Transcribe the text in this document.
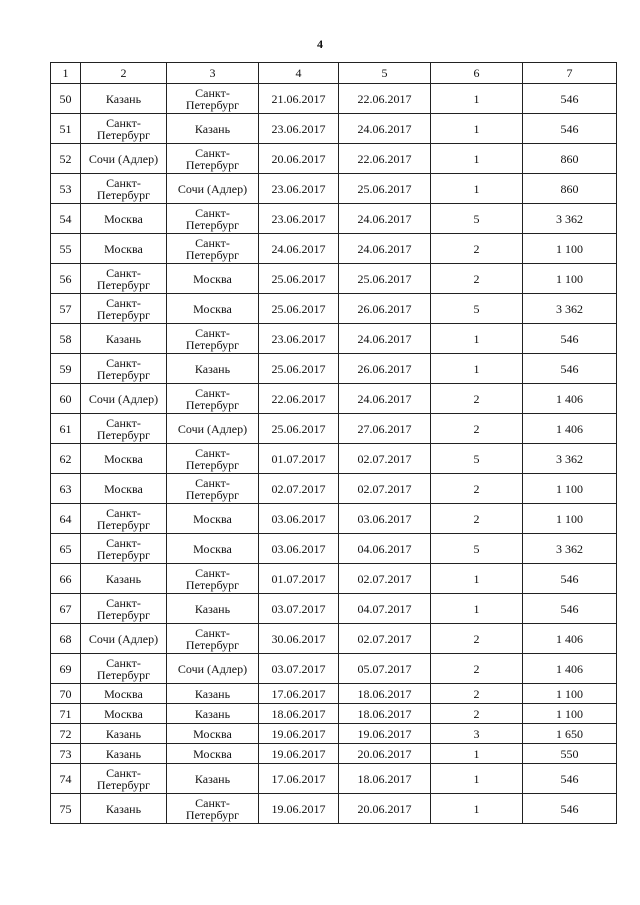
4
1	2	3	4	5	6	7
50	Казань	Санкт-Петербург	21.06.2017	22.06.2017	1	546
51	Санкт-Петербург	Казань	23.06.2017	24.06.2017	1	546
52	Сочи (Адлер)	Санкт-Петербург	20.06.2017	22.06.2017	1	860
53	Санкт-Петербург	Сочи (Адлер)	23.06.2017	25.06.2017	1	860
54	Москва	Санкт-Петербург	23.06.2017	24.06.2017	5	3 362
55	Москва	Санкт-Петербург	24.06.2017	24.06.2017	2	1 100
56	Санкт-Петербург	Москва	25.06.2017	25.06.2017	2	1 100
57	Санкт-Петербург	Москва	25.06.2017	26.06.2017	5	3 362
58	Казань	Санкт-Петербург	23.06.2017	24.06.2017	1	546
59	Санкт-Петербург	Казань	25.06.2017	26.06.2017	1	546
60	Сочи (Адлер)	Санкт-Петербург	22.06.2017	24.06.2017	2	1 406
61	Санкт-Петербург	Сочи (Адлер)	25.06.2017	27.06.2017	2	1 406
62	Москва	Санкт-Петербург	01.07.2017	02.07.2017	5	3 362
63	Москва	Санкт-Петербург	02.07.2017	02.07.2017	2	1 100
64	Санкт-Петербург	Москва	03.06.2017	03.06.2017	2	1 100
65	Санкт-Петербург	Москва	03.06.2017	04.06.2017	5	3 362
66	Казань	Санкт-Петербург	01.07.2017	02.07.2017	1	546
67	Санкт-Петербург	Казань	03.07.2017	04.07.2017	1	546
68	Сочи (Адлер)	Санкт-Петербург	30.06.2017	02.07.2017	2	1 406
69	Санкт-Петербург	Сочи (Адлер)	03.07.2017	05.07.2017	2	1 406
70	Москва	Казань	17.06.2017	18.06.2017	2	1 100
71	Москва	Казань	18.06.2017	18.06.2017	2	1 100
72	Казань	Москва	19.06.2017	19.06.2017	3	1 650
73	Казань	Москва	19.06.2017	20.06.2017	1	550
74	Санкт-Петербург	Казань	17.06.2017	18.06.2017	1	546
75	Казань	Санкт-Петербург	19.06.2017	20.06.2017	1	546
